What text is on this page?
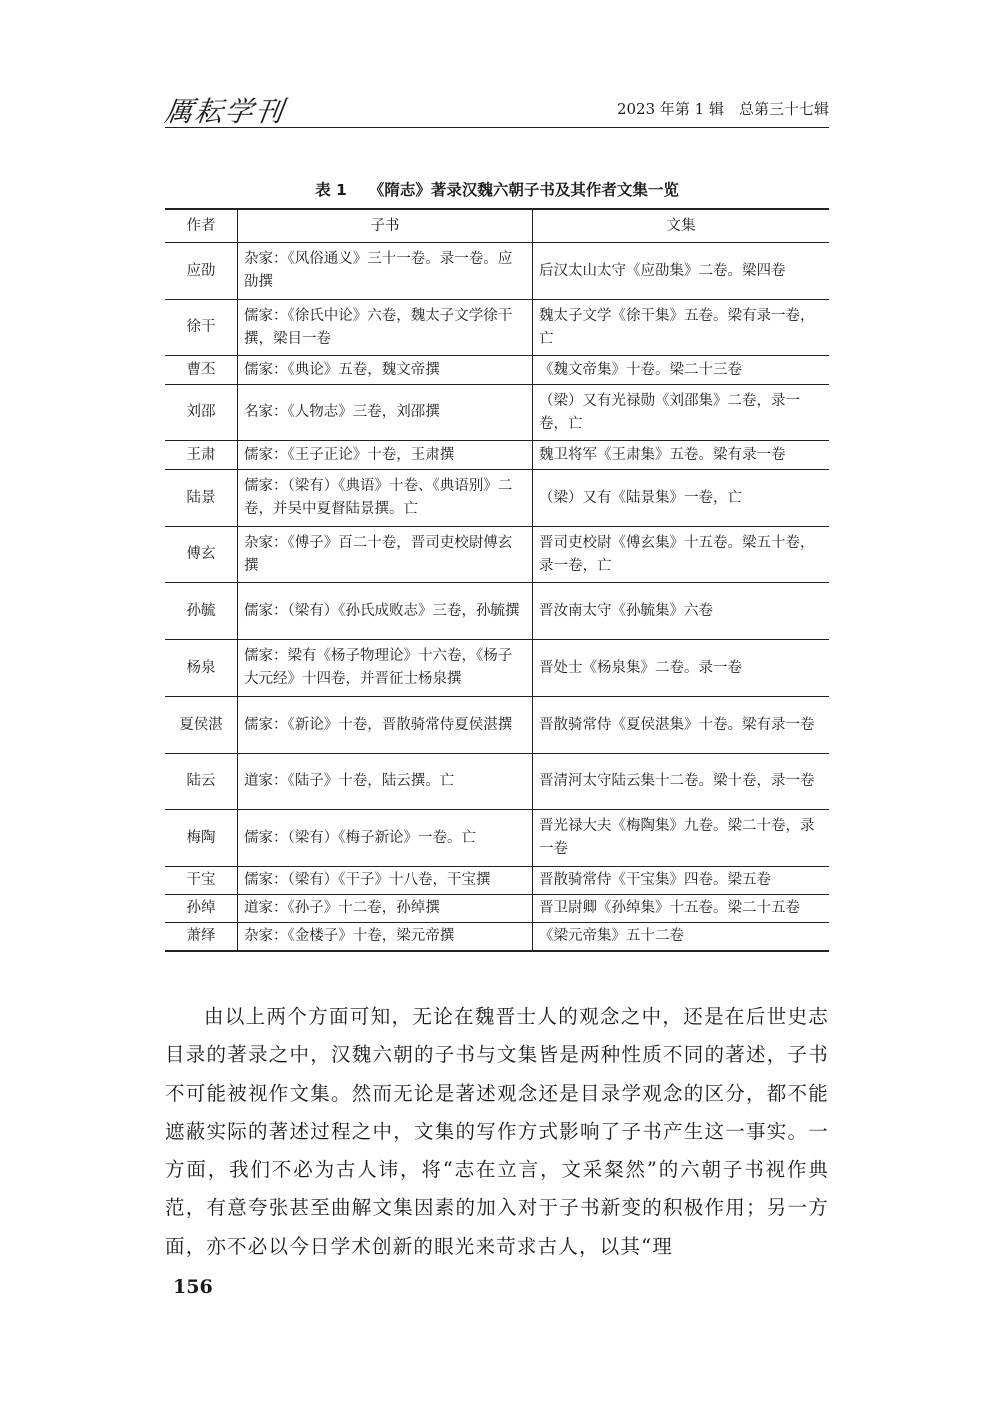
厲耘学刊	2023 年第 1 辑　总第三十七辑
表 1 《隋志》著录汉魏六朝子书及其作者文集一览
作者	子书	文集
应劭	杂家：《风俗通义》三十一卷。录一卷。应劭撰	后汉太山太守《应劭集》二卷。梁四卷
徐干	儒家：《徐氏中论》六卷，魏太子文学徐干撰，梁目一卷	魏太子文学《徐干集》五卷。梁有录一卷，亡
曹丕	儒家：《典论》五卷，魏文帝撰	《魏文帝集》十卷。梁二十三卷
刘邵	名家：《人物志》三卷，刘邵撰	（梁）又有光禄勋《刘邵集》二卷，录一卷，亡
王肃	儒家：《王子正论》十卷，王肃撰	魏卫将军《王肃集》五卷。梁有录一卷
陆景	儒家：（梁有）《典语》十卷、《典语别》二卷，并吴中夏督陆景撰。亡	（梁）又有《陆景集》一卷，亡
傅玄	杂家：《傅子》百二十卷，晋司吏校尉傅玄撰	晋司吏校尉《傅玄集》十五卷。梁五十卷，录一卷，亡
孙毓	儒家：（梁有）《孙氏成败志》三卷，孙毓撰	晋汝南太守《孙毓集》六卷
杨泉	儒家：梁有《杨子物理论》十六卷，《杨子大元经》十四卷，并晋征士杨泉撰	晋处士《杨泉集》二卷。录一卷
夏侯湛	儒家：《新论》十卷，晋散骑常侍夏侯湛撰	晋散骑常侍《夏侯湛集》十卷。梁有录一卷
陆云	道家：《陆子》十卷，陆云撰。亡	晋清河太守陆云集十二卷。梁十卷，录一卷
梅陶	儒家：（梁有）《梅子新论》一卷。亡	晋光禄大夫《梅陶集》九卷。梁二十卷，录一卷
干宝	儒家：（梁有）《干子》十八卷，干宝撰	晋散骑常侍《干宝集》四卷。梁五卷
孙绰	道家：《孙子》十二卷，孙绰撰	晋卫尉卿《孙绰集》十五卷。梁二十五卷
萧绎	杂家：《金楼子》十卷，梁元帝撰	《梁元帝集》五十二卷
由以上两个方面可知，无论在魏晋士人的观念之中，还是在后世史志目录的著录之中，汉魏六朝的子书与文集皆是两种性质不同的著述，子书不可能被视作文集。然而无论是著述观念还是目录学观念的区分，都不能遮蔽实际的著述过程之中，文集的写作方式影响了子书产生这一事实。一方面，我们不必为古人讳，将“志在立言，文采粲然”的六朝子书视作典范，有意夸张甚至曲解文集因素的加入对于子书新变的积极作用；另一方面，亦不必以今日学术创新的眼光来苛求古人，以其“理
156
